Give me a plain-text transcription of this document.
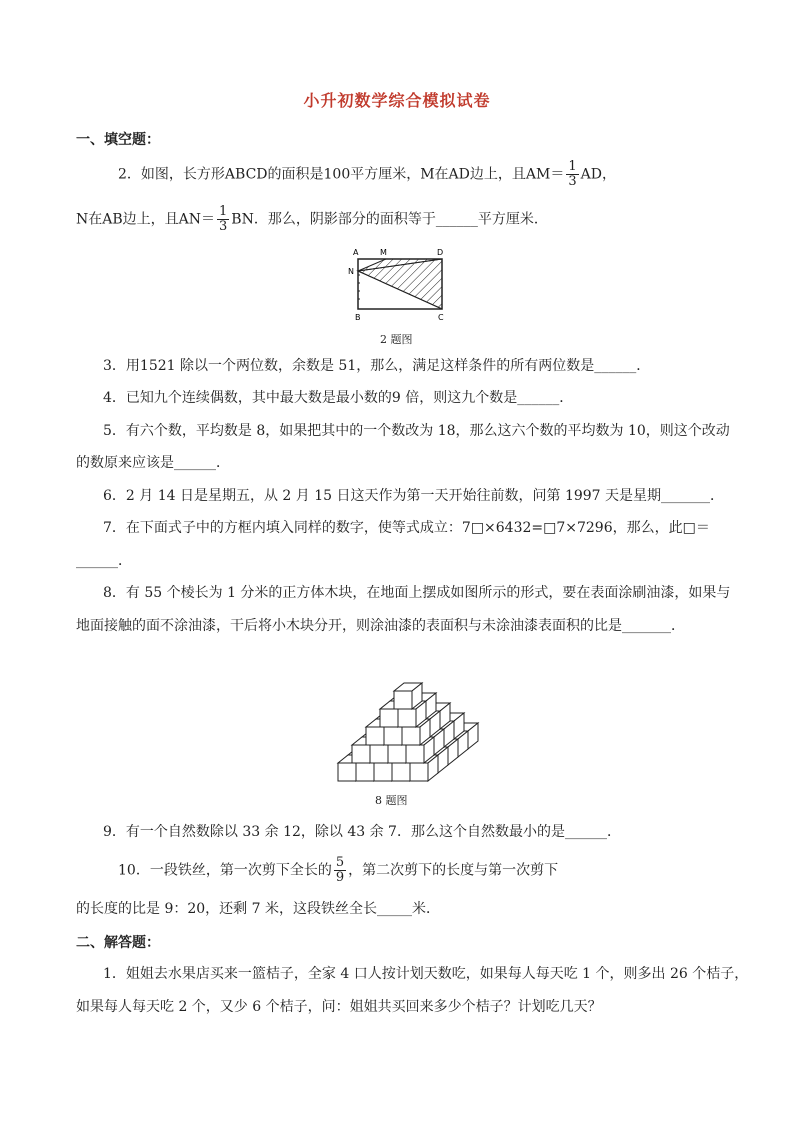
小升初数学综合模拟试卷
一、填空题：
2．如图，长方形ABCD的面积是100平方厘米，M在AD边上，且$AM= \frac{1}{3}$ AD，
N在AB边上，且$AN= \frac{1}{3}$ BN．那么，阴影部分的面积等于______平方厘米．
A	M	D
N
B	C
2 题图
3．用1521 除以一个两位数，余数是 51，那么，满足这样条件的所有两位数是______．
4．已知九个连续偶数，其中最大数是最小数的9 倍，则这九个数是______．
5．有六个数，平均数是 8，如果把其中的一个数改为 18，那么这六个数的平均数为 10，则这个改动
的数原来应该是______．
6．2 月 14 日是星期五，从 2 月 15 日这天作为第一天开始往前数，问第 1997 天是星期_______．
7．在下面式子中的方框内填入同样的数字，使等式成立：7□×6432=□7×7296，那么，此□＝
______．
8．有 55 个棱长为 1 分米的正方体木块，在地面上摆成如图所示的形式，要在表面涂刷油漆，如果与
地面接触的面不涂油漆，干后将小木块分开，则涂油漆的表面积与未涂油漆表面积的比是_______．
8 题图
9．有一个自然数除以 33 余 12，除以 43 余 7．那么这个自然数最小的是______．
10．一段铁丝，第一次剪下全长的 $\frac{5}{9}$ ，第二次剪下的长度与第一次剪下
的长度的比是 9：20，还剩 7 米，这段铁丝全长_____米．
二、解答题：
1．姐姐去水果店买来一篮桔子，全家 4 口人按计划天数吃，如果每人每天吃 1 个，则多出 26 个桔子，
如果每人每天吃 2 个，又少 6 个桔子，问：姐姐共买回来多少个桔子？计划吃几天？
